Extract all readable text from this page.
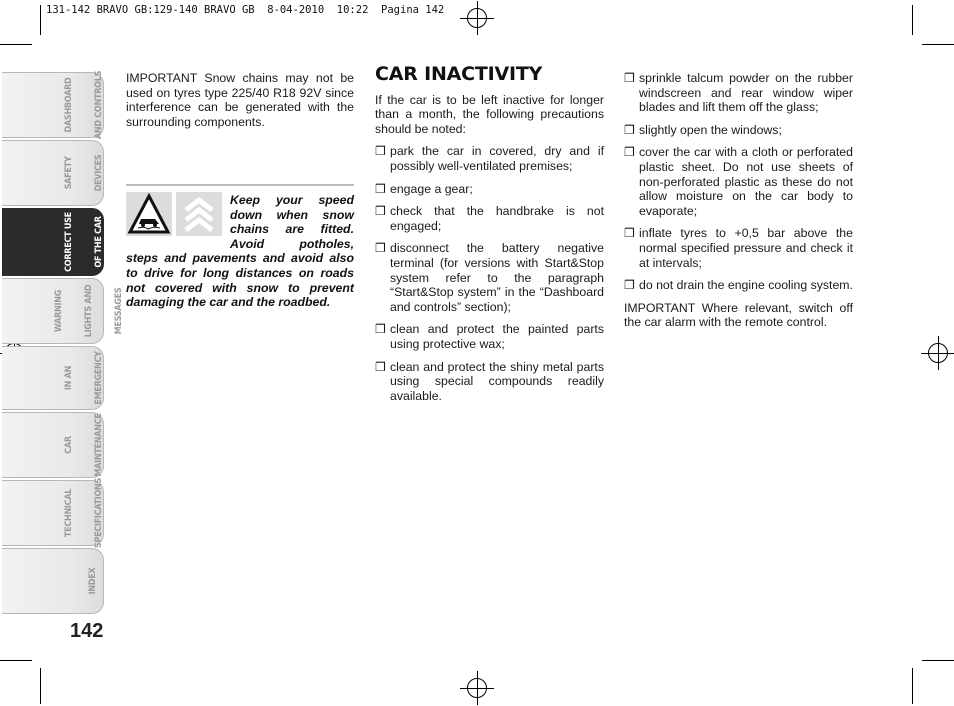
131-142 BRAVO GB:129-140 BRAVO GB  8-04-2010  10:22  Pagina 142

DASHBOARD

AND CONTROLS

SAFETY

DEVICES

CORRECT USE

OF THE CAR

WARNING

LIGHTS AND

MESSAGES

IN AN

EMERGENCY

CAR

MAINTENANCE

TECHNICAL

SPECIFICATIONS

INDEX

142

IMPORTANT Snow chains may not be used on tyres type 225/40 R18 92V since interference can be generated with the surrounding components.

Keep your speed down when snow chains are fitted. Avoid potholes, steps and pavements and avoid also to drive for long distances on roads not covered with snow to prevent damaging the car and the roadbed.
CAR INACTIVITY

If the car is to be left inactive for longer than a month, the following precautions should be noted:

❒ park the car in covered, dry and if possibly well-ventilated premises;
❒ engage a gear;
❒ check that the handbrake is not engaged;
❒ disconnect the battery negative terminal (for versions with Start&Stop system refer to the paragraph “Start&Stop system” in the “Dashboard and controls” section);
❒ clean and protect the painted parts using protective wax;
❒ clean and protect the shiny metal parts using special compounds readily available.
❒ sprinkle talcum powder on the rubber windscreen and rear window wiper blades and lift them off the glass;
❒ slightly open the windows;
❒ cover the car with a cloth or perforated plastic sheet. Do not use sheets of non-perforated plastic as these do not allow moisture on the car body to evaporate;
❒ inflate tyres to +0,5 bar above the normal specified pressure and check it at intervals;
❒ do not drain the engine cooling system.

IMPORTANT Where relevant, switch off the car alarm with the remote control.
